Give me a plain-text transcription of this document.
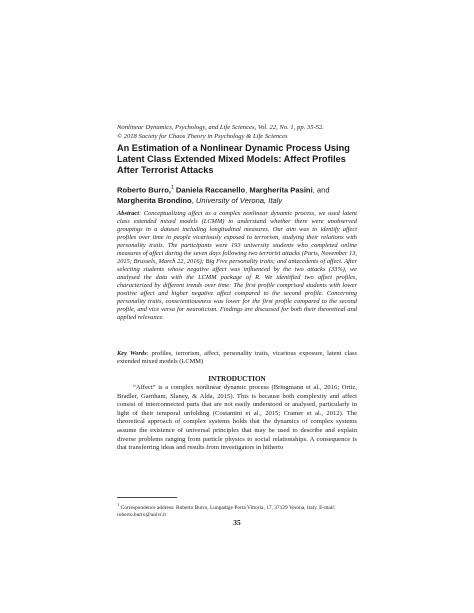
Nonlinear Dynamics, Psychology, and Life Sciences, Vol. 22, No. 1, pp. 35-52.
© 2018 Society for Chaos Theory in Psychology & Life Sciences
An Estimation of a Nonlinear Dynamic Process Using Latent Class Extended Mixed Models: Affect Profiles After Terrorist Attacks
Roberto Burro,$^1$ Daniela Raccanello, Margherita Pasini, and Margherita Brondino, University of Verona, Italy
Abstract: Conceptualizing affect as a complex nonlinear dynamic process, we used latent class extended mixed models (LCMM) to understand whether there were unobserved groupings in a dataset including longitudinal measures. Our aim was to identify affect profiles over time in people vicariously exposed to terrorism, studying their relations with personality traits. The participants were 193 university students who completed online measures of affect during the seven days following two terrorist attacks (Paris, November 13, 2015; Brussels, March 22, 2016); Big Five personality traits; and antecedents of affect. After selecting students whose negative affect was influenced by the two attacks (33%), we analysed the data with the LCMM package of R. We identified two affect profiles, characterized by different trends over time: The first profile comprised students with lower positive affect and higher negative affect compared to the second profile. Concerning personality traits, conscientiousness was lower for the first profile compared to the second profile, and vice versa for neuroticism. Findings are discussed for both their theoretical and applied relevance.
Key Words: profiles, terrorism, affect, personality traits, vicarious exposure, latent class extended mixed models (LCMM)
INTRODUCTION
“Affect” is a complex nonlinear dynamic process (Bringmann et al., 2016; Ortiz, Bradler, Garnham, Slaney, & Alda, 2015). This is because both complexity and affect consist of interconnected parts that are not easily understood or analysed, particularly in light of their temporal unfolding (Costantini et al., 2015; Cramer et al., 2012). The theoretical approach of complex systems holds that the dynamics of complex systems assume the existence of universal principles that may be used to describe and explain diverse problems ranging from particle physics to social relationships. A consequence is that transferring ideas and results from investigators in hitherto
$^1$ Correspondence address: Roberto Burro, Lungadige Porta Vittoria, 17, 37129 Verona, Italy. E-mail: roberto.burro@univr.it
35
